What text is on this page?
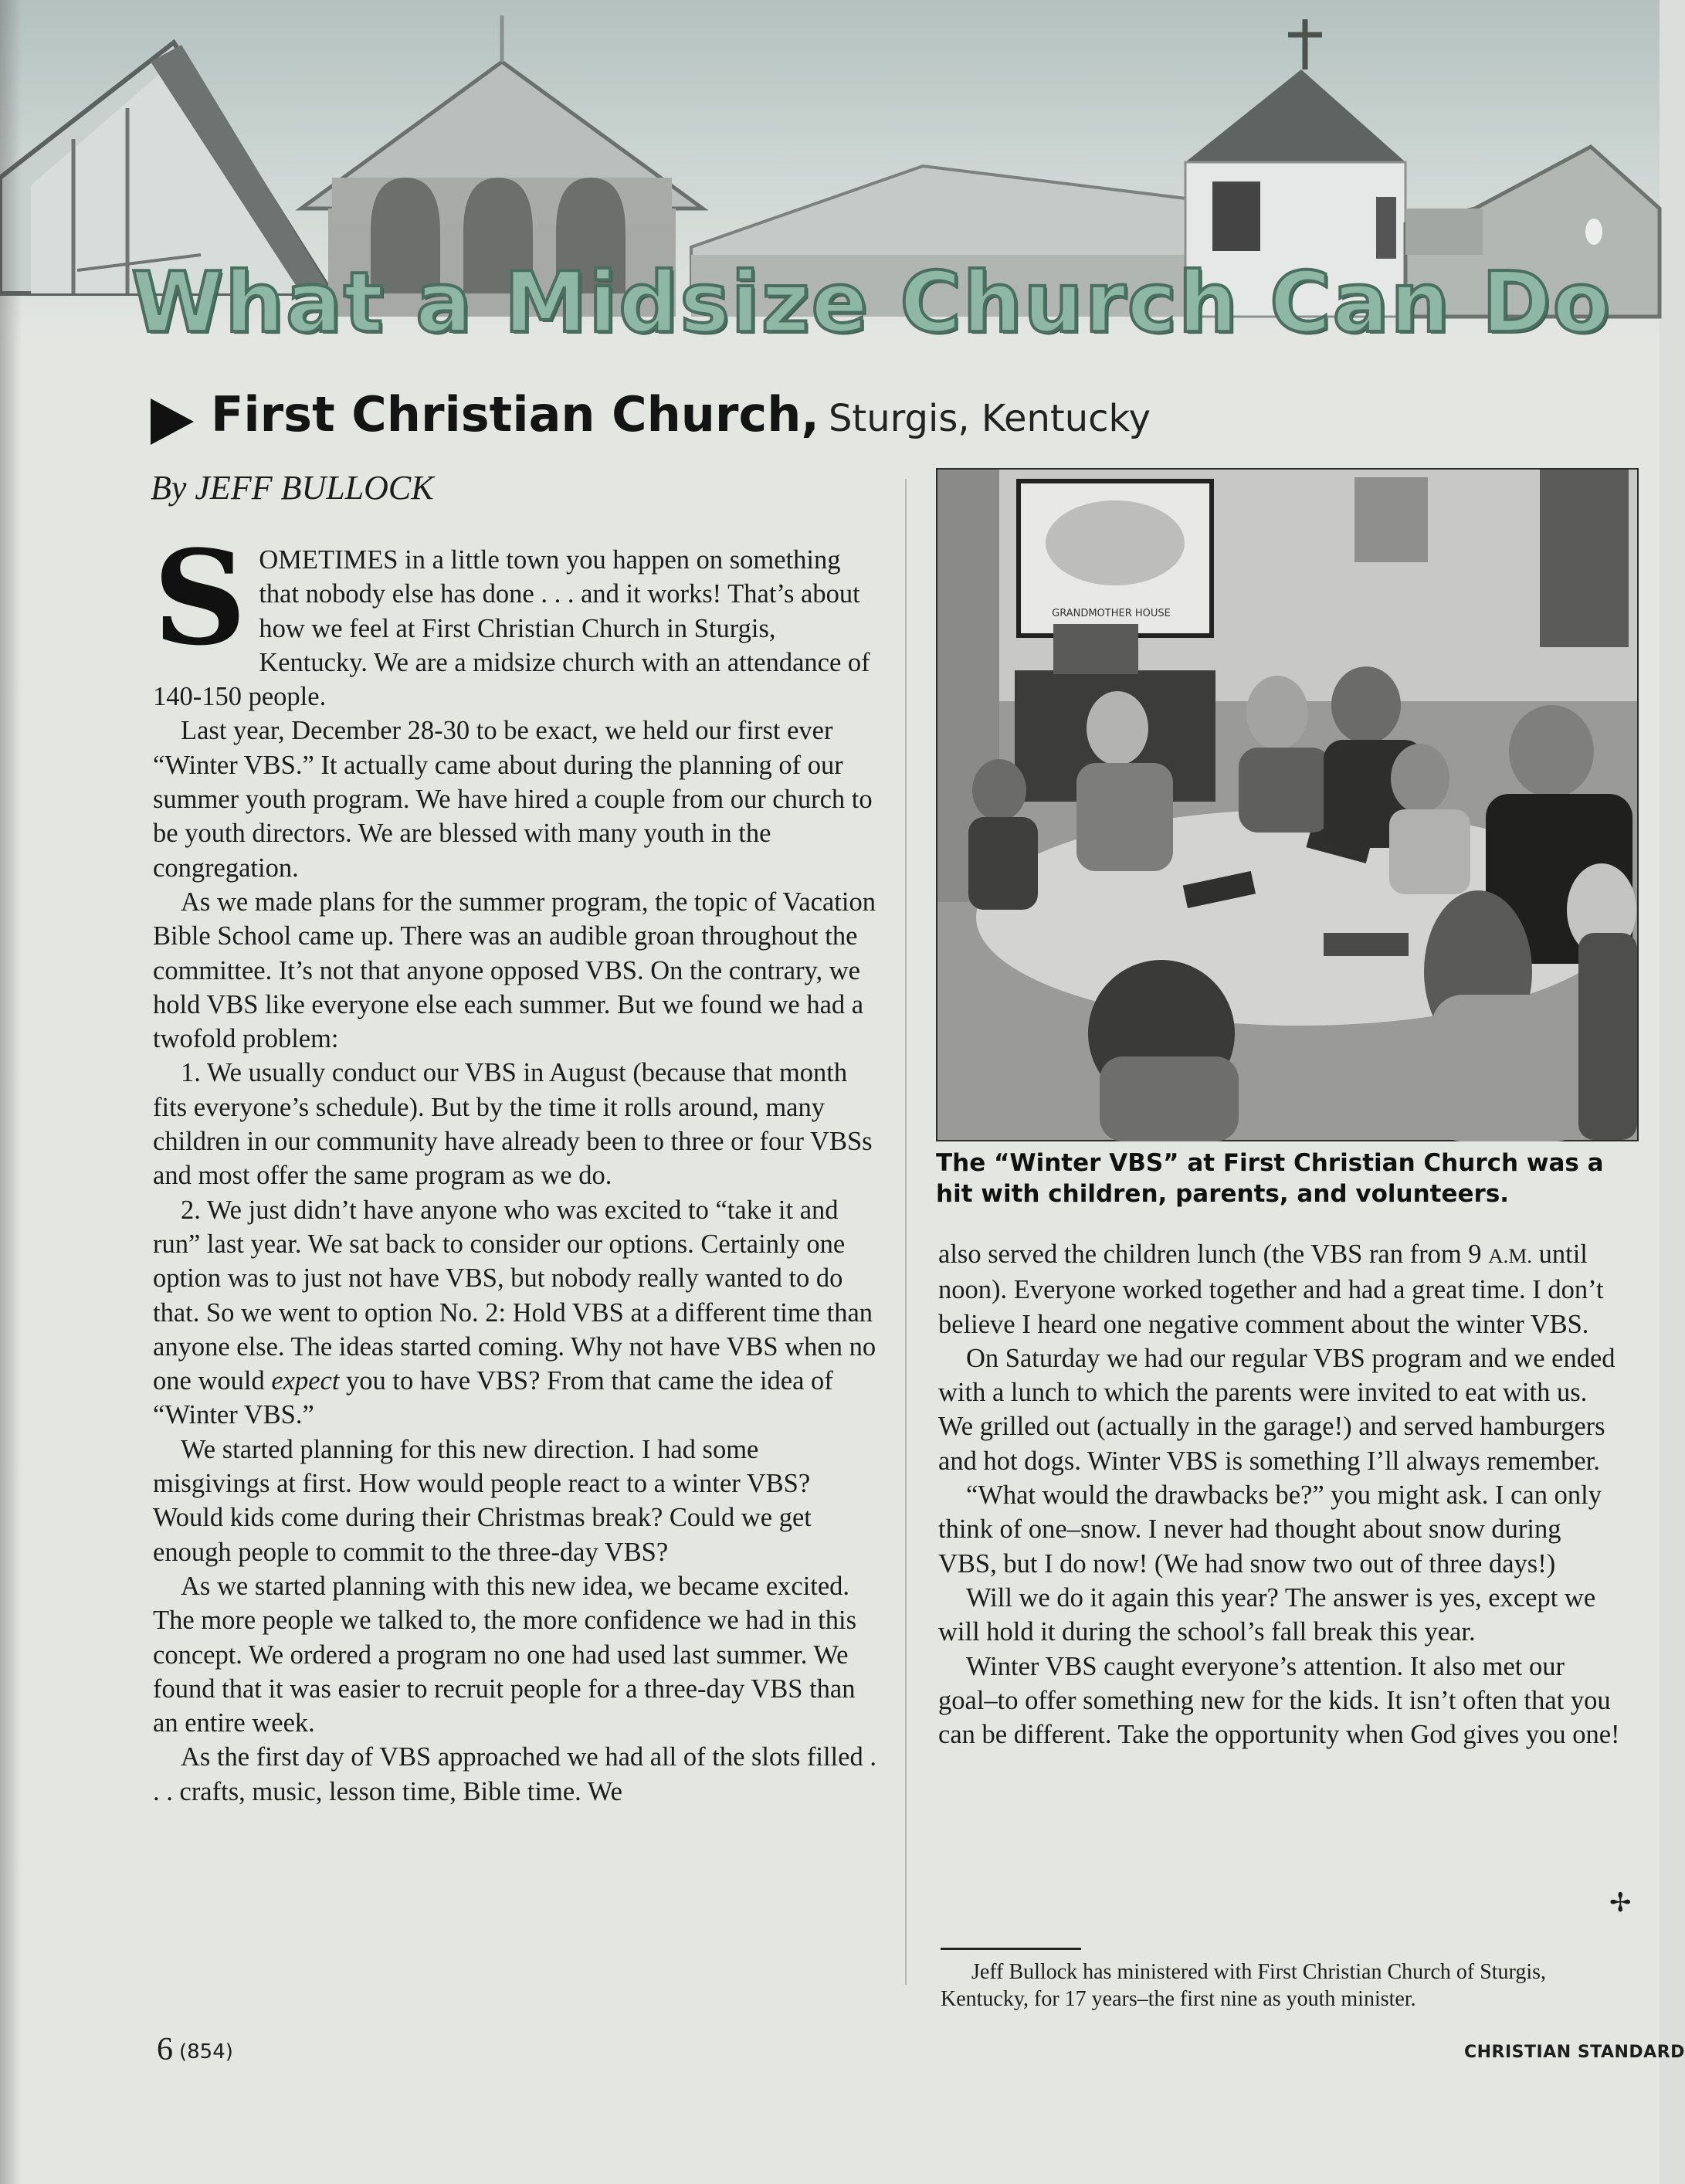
What a Midsize Church Can Do
First Christian Church, Sturgis, Kentucky
By JEFF BULLOCK

SOMETIMES in a little town you happen on something that nobody else has done . . . and it works! That’s about how we feel at First Christian Church in Sturgis, Kentucky. We are a midsize church with an attendance of 140-150 people.

Last year, December 28-30 to be exact, we held our first ever “Winter VBS.” It actually came about during the planning of our summer youth program. We have hired a couple from our church to be youth directors. We are blessed with many youth in the congregation.

As we made plans for the summer program, the topic of Vacation Bible School came up. There was an audible groan throughout the committee. It’s not that anyone opposed VBS. On the contrary, we hold VBS like everyone else each summer. But we found we had a twofold problem:

1. We usually conduct our VBS in August (because that month fits everyone’s schedule). But by the time it rolls around, many children in our community have already been to three or four VBSs and most offer the same program as we do.

2. We just didn’t have anyone who was excited to “take it and run” last year. We sat back to consider our options. Certainly one option was to just not have VBS, but nobody really wanted to do that. So we went to option No. 2: Hold VBS at a different time than anyone else. The ideas started coming. Why not have VBS when no one would expect you to have VBS? From that came the idea of “Winter VBS.”

We started planning for this new direction. I had some misgivings at first. How would people react to a winter VBS? Would kids come during their Christmas break? Could we get enough people to commit to the three-day VBS?

As we started planning with this new idea, we became excited. The more people we talked to, the more confidence we had in this concept. We ordered a program no one had used last summer. We found that it was easier to recruit people for a three-day VBS than an entire week.

As the first day of VBS approached we had all of the slots filled . . . crafts, music, lesson time, Bible time. We

GRANDMOTHER HOUSE
The “Winter VBS” at First Christian Church was a hit with children, parents, and volunteers.

also served the children lunch (the VBS ran from 9 A.M. until noon). Everyone worked together and had a great time. I don’t believe I heard one negative comment about the winter VBS.

On Saturday we had our regular VBS program and we ended with a lunch to which the parents were invited to eat with us. We grilled out (actually in the garage!) and served hamburgers and hot dogs. Winter VBS is something I’ll always remember.

“What would the drawbacks be?” you might ask. I can only think of one–snow. I never had thought about snow during VBS, but I do now! (We had snow two out of three days!)

Will we do it again this year? The answer is yes, except we will hold it during the school’s fall break this year.

Winter VBS caught everyone’s attention. It also met our goal–to offer something new for the kids. It isn’t often that you can be different. Take the opportunity when God gives you one!

✢
Jeff Bullock has ministered with First Christian Church of Sturgis, Kentucky, for 17 years–the first nine as youth minister.
6 (854)	CHRISTIAN STANDARD
